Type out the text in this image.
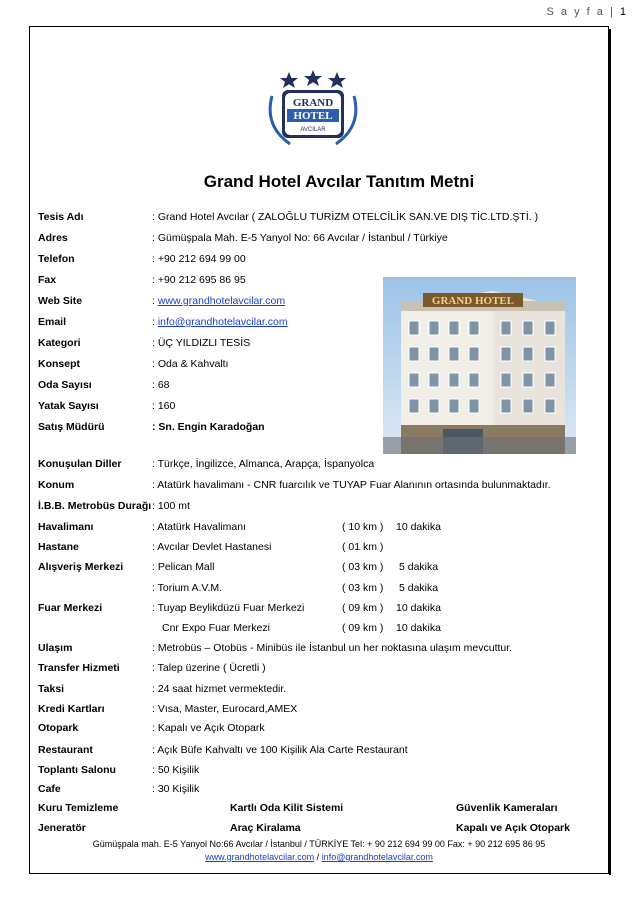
S a y f a | 1
GRAND
HOTEL
AVCILAR
Grand Hotel Avcılar Tanıtım Metni
GRAND HOTEL
Tesis Adı	: Grand Hotel Avcılar ( ZALOĞLU TURİZM OTELCİLİK SAN.VE DIŞ TİC.LTD.ŞTİ. )
Adres	: Gümüşpala Mah. E-5 Yanyol No: 66 Avcılar / İstanbul / Türkiye
Telefon	: +90 212 694 99 00
Fax	: +90 212 695 86 95
Web Site	: www.grandhotelavcilar.com
Email	: info@grandhotelavcilar.com
Kategori	: ÜÇ YILDIZLI TESİS
Konsept	: Oda & Kahvaltı
Oda Sayısı	: 68
Yatak Sayısı	: 160
Satış Müdürü	: Sn. Engin Karadoğan
Konuşulan Diller	: Türkçe, İngilizce, Almanca, Arapça, İspanyolca
Konum	: Atatürk havalimanı - CNR fuarcılık ve TUYAP Fuar Alanının ortasında bulunmaktadır.
İ.B.B. Metrobüs Durağı : 100 mt
Havalimanı	: Atatürk Havalimanı	( 10 km ) 10 dakika
Hastane	: Avcılar Devlet Hastanesi	( 01 km )
Alışveriş Merkezi	: Pelican Mall	( 03 km ) 5 dakika
: Torium A.V.M.	( 03 km ) 5 dakika
Fuar Merkezi	: Tuyap Beylikdüzü Fuar Merkezi	( 09 km ) 10 dakika
Cnr Expo Fuar Merkezi	( 09 km ) 10 dakika
Ulaşım	: Metrobüs – Otobüs - Minibüs ile İstanbul un her noktasına ulaşım mevcuttur.
Transfer Hizmeti	: Talep üzerine ( Ücretli )
Taksi	: 24 saat hizmet vermektedir.
Kredi Kartları	: Vısa, Master, Eurocard,AMEX
Otopark	: Kapalı ve Açık Otopark
Restaurant	: Açık Büfe Kahvaltı ve 100 Kişilik Ala Carte Restaurant
Toplantı Salonu	: 50 Kişilik
Cafe	: 30 Kişilik
Kuru Temizleme	Kartlı Oda Kilit Sistemi	Güvenlik Kameraları
Jeneratör	Araç Kiralama	Kapalı ve Açık Otopark
Gümüşpala mah. E-5 Yanyol No:66 Avcılar / İstanbul / TÜRKİYE Tel: + 90 212 694 99 00 Fax: + 90 212 695 86 95
www.grandhotelavcilar.com / info@grandhotelavcilar.com
